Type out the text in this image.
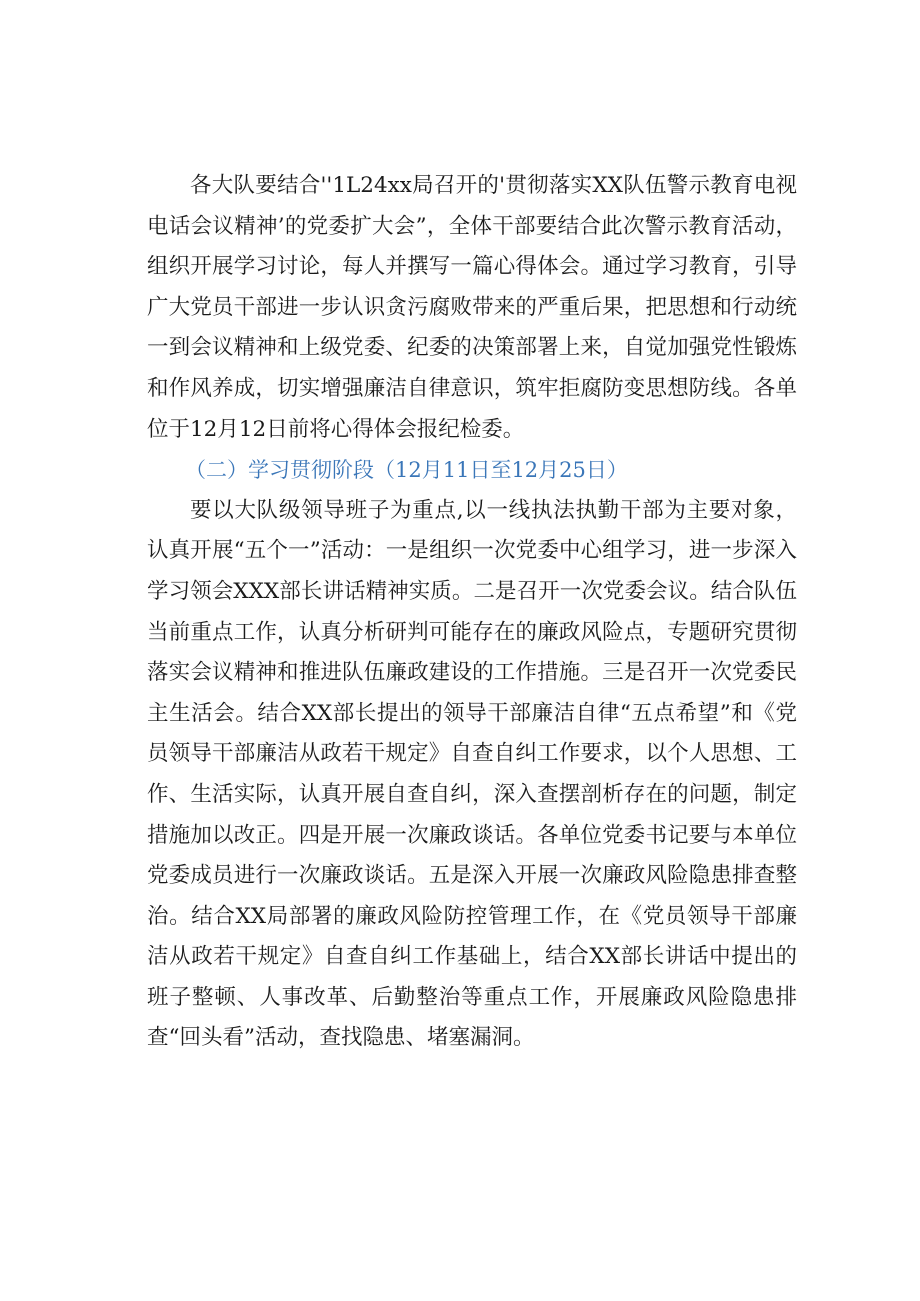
各大队要结合''1L24xx局召开的'贯彻落实XX队伍警示教育电视电话会议精神’的党委扩大会”，全体干部要结合此次警示教育活动，组织开展学习讨论，每人并撰写一篇心得体会。通过学习教育，引导广大党员干部进一步认识贪污腐败带来的严重后果，把思想和行动统一到会议精神和上级党委、纪委的决策部署上来，自觉加强党性锻炼和作风养成，切实增强廉洁自律意识，筑牢拒腐防变思想防线。各单位于12月12日前将心得体会报纪检委。

（二）学习贯彻阶段（12月11日至12月25日）

要以大队级领导班子为重点,以一线执法执勤干部为主要对象，认真开展“五个一”活动：一是组织一次党委中心组学习，进一步深入学习领会XXX部长讲话精神实质。二是召开一次党委会议。结合队伍当前重点工作，认真分析研判可能存在的廉政风险点，专题研究贯彻落实会议精神和推进队伍廉政建设的工作措施。三是召开一次党委民主生活会。结合XX部长提出的领导干部廉洁自律“五点希望”和《党员领导干部廉洁从政若干规定》自查自纠工作要求，以个人思想、工作、生活实际，认真开展自查自纠，深入查摆剖析存在的问题，制定措施加以改正。四是开展一次廉政谈话。各单位党委书记要与本单位党委成员进行一次廉政谈话。五是深入开展一次廉政风险隐患排查整治。结合XX局部署的廉政风险防控管理工作，在《党员领导干部廉洁从政若干规定》自查自纠工作基础上，结合XX部长讲话中提出的班子整顿、人事改革、后勤整治等重点工作，开展廉政风险隐患排查“回头看”活动，查找隐患、堵塞漏洞。
